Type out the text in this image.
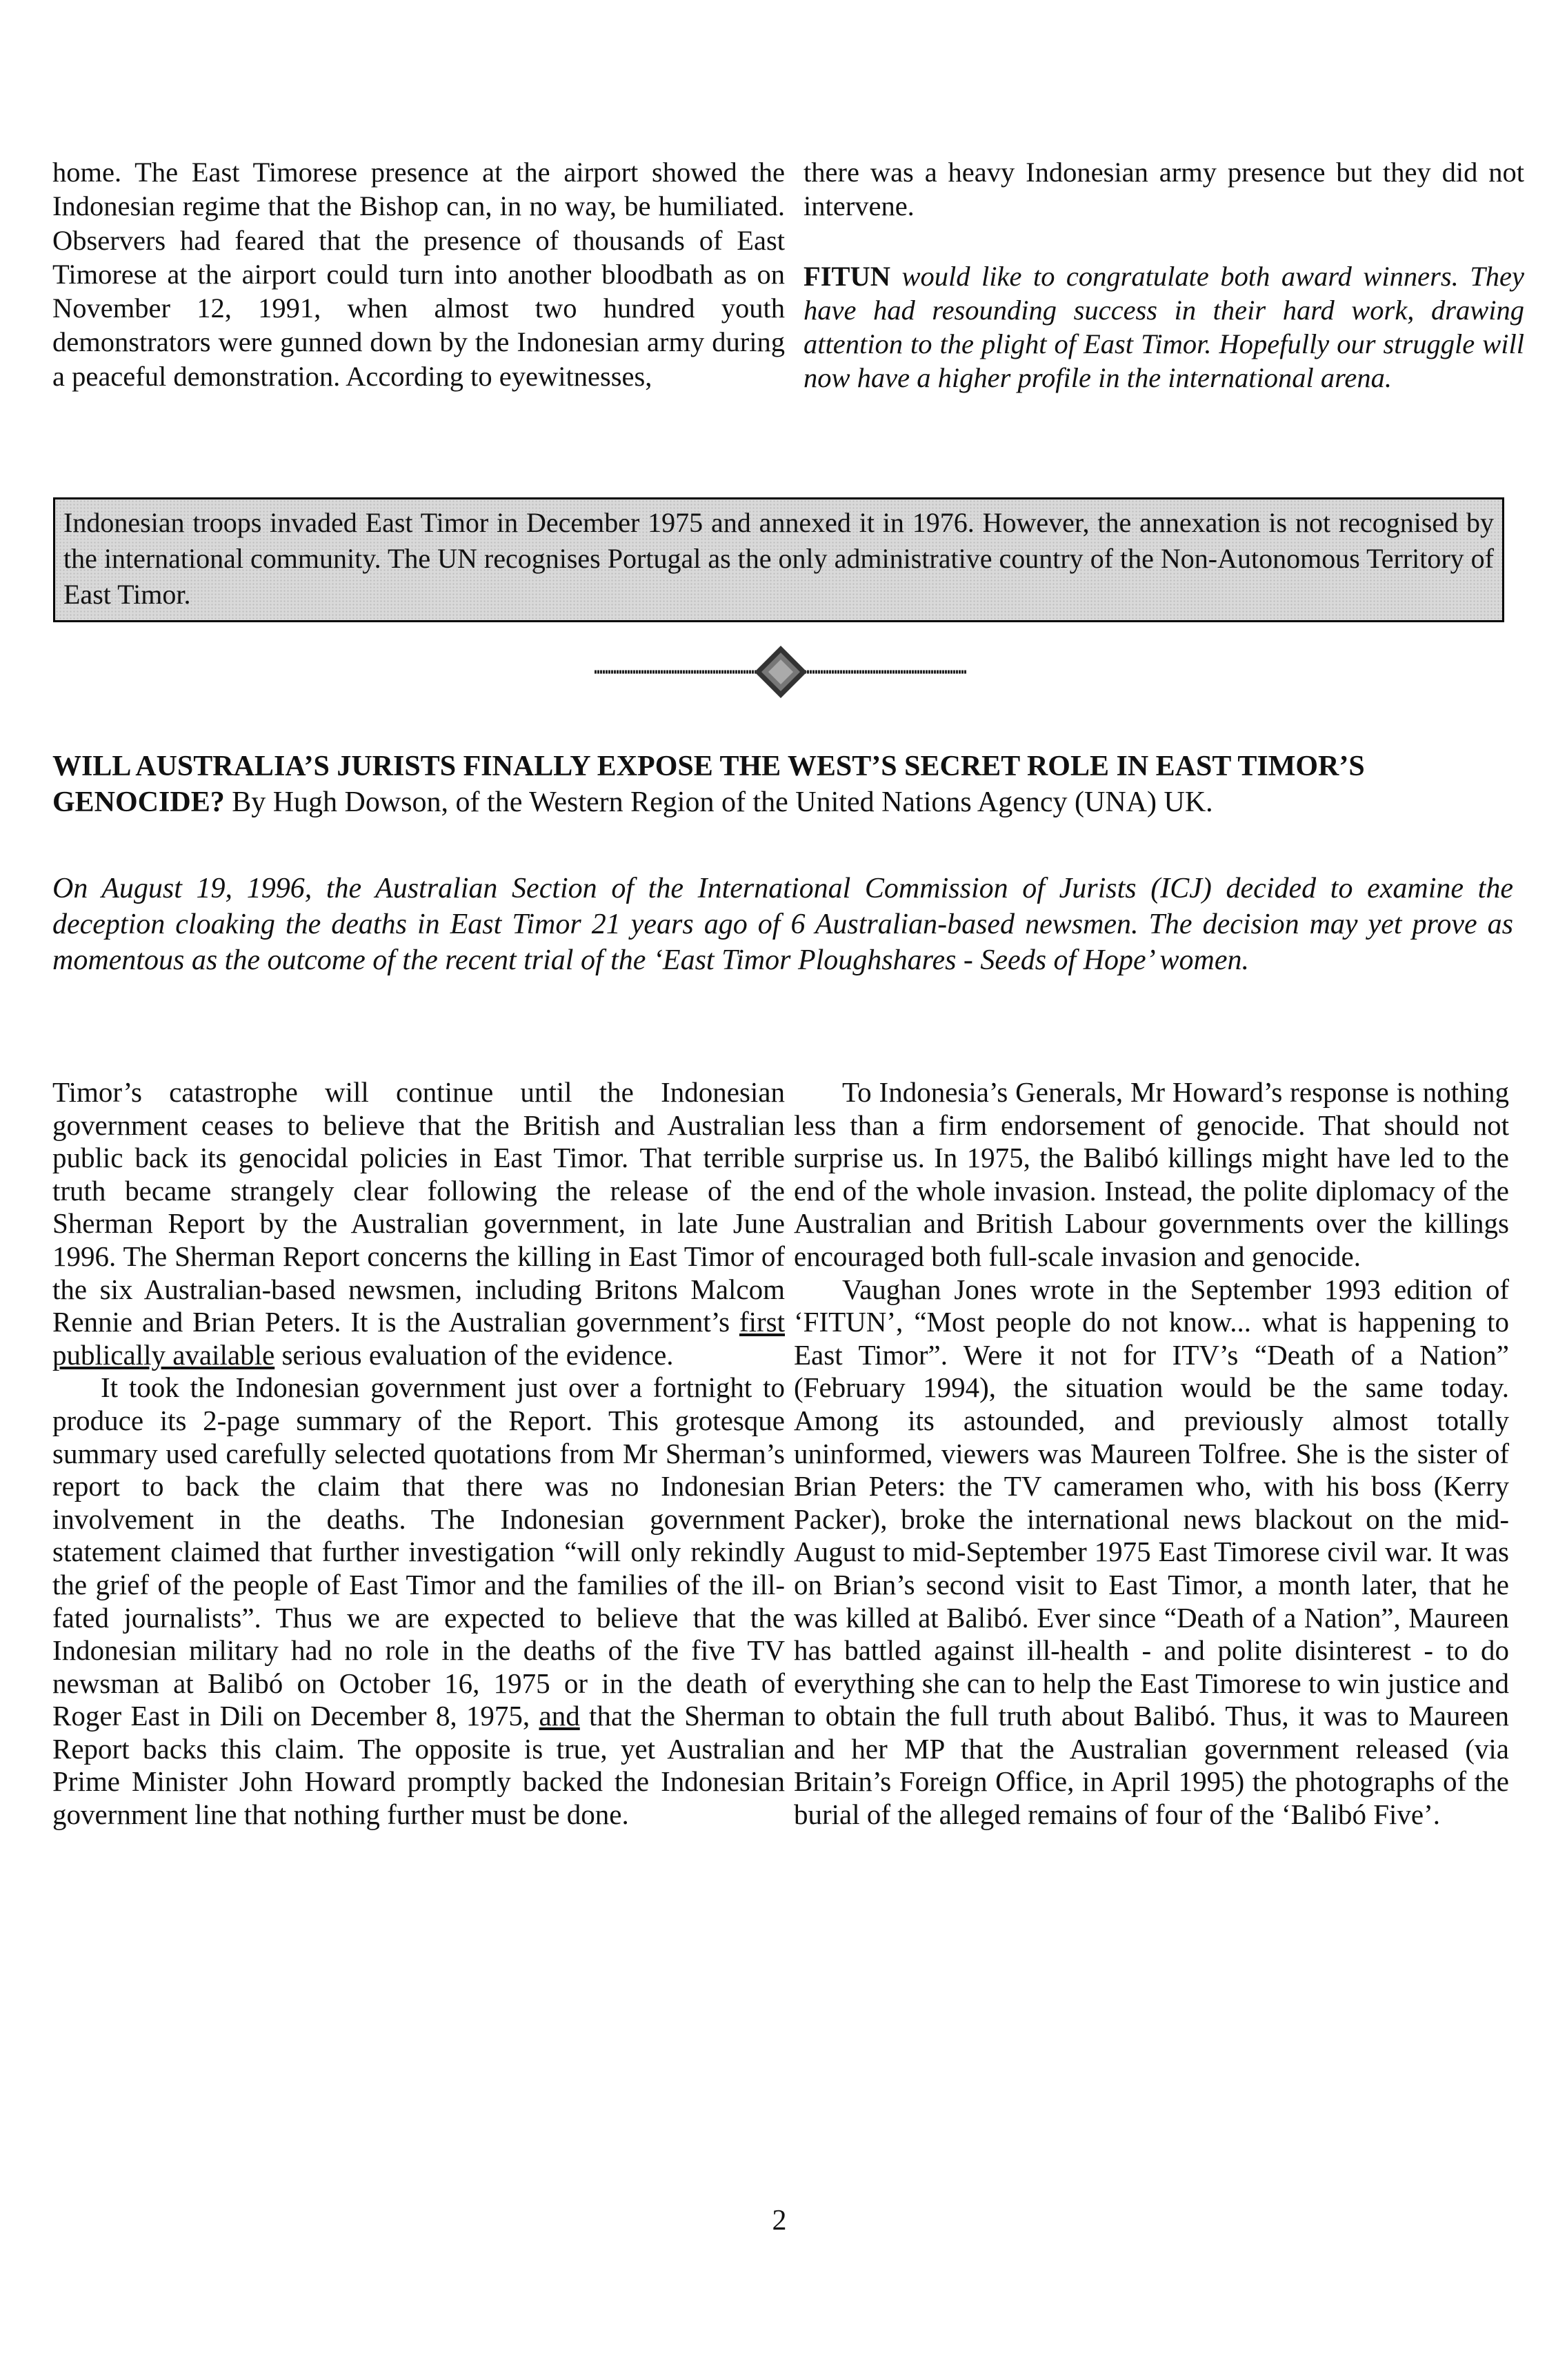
home. The East Timorese presence at the airport showed the Indonesian regime that the Bishop can, in no way, be humiliated. Observers had feared that the presence of thousands of East Timorese at the airport could turn into another bloodbath as on November 12, 1991, when almost two hundred youth demonstrators were gunned down by the Indonesian army during a peaceful demonstration. According to eyewitnesses,

there was a heavy Indonesian army presence but they did not intervene.

FITUN would like to congratulate both award winners. They have had resounding success in their hard work, drawing attention to the plight of East Timor. Hopefully our struggle will now have a higher profile in the international arena.

Indonesian troops invaded East Timor in December 1975 and annexed it in 1976. However, the annexation is not recognised by the international community. The UN recognises Portugal as the only administrative country of the Non-Autonomous Territory of East Timor.

WILL AUSTRALIA’S JURISTS FINALLY EXPOSE THE WEST’S SECRET ROLE IN EAST TIMOR’S GENOCIDE? By Hugh Dowson, of the Western Region of the United Nations Agency (UNA) UK.

On August 19, 1996, the Australian Section of the International Commission of Jurists (ICJ) decided to examine the deception cloaking the deaths in East Timor 21 years ago of 6 Australian-based newsmen. The decision may yet prove as momentous as the outcome of the recent trial of the ‘East Timor Ploughshares - Seeds of Hope’ women.

Timor’s catastrophe will continue until the Indonesian government ceases to believe that the British and Australian public back its genocidal policies in East Timor. That terrible truth became strangely clear following the release of the Sherman Report by the Australian government, in late June 1996. The Sherman Report concerns the killing in East Timor of the six Australian-based newsmen, including Britons Malcom Rennie and Brian Peters. It is the Australian government’s first publically available serious evaluation of the evidence.

It took the Indonesian government just over a fortnight to produce its 2-page summary of the Report. This grotesque summary used carefully selected quotations from Mr Sherman’s report to back the claim that there was no Indonesian involvement in the deaths. The Indonesian government statement claimed that further investigation “will only rekindly the grief of the people of East Timor and the families of the ill-fated journalists”. Thus we are expected to believe that the Indonesian military had no role in the deaths of the five TV newsman at Balibó on October 16, 1975 or in the death of Roger East in Dili on December 8, 1975, and that the Sherman Report backs this claim. The opposite is true, yet Australian Prime Minister John Howard promptly backed the Indonesian government line that nothing further must be done.

To Indonesia’s Generals, Mr Howard’s response is nothing less than a firm endorsement of genocide. That should not surprise us. In 1975, the Balibó killings might have led to the end of the whole invasion. Instead, the polite diplomacy of the Australian and British Labour governments over the killings encouraged both full-scale invasion and genocide.

Vaughan Jones wrote in the September 1993 edition of ‘FITUN’, “Most people do not know... what is happening to East Timor”. Were it not for ITV’s “Death of a Nation” (February 1994), the situation would be the same today. Among its astounded, and previously almost totally uninformed, viewers was Maureen Tolfree. She is the sister of Brian Peters: the TV cameramen who, with his boss (Kerry Packer), broke the international news blackout on the mid-August to mid-September 1975 East Timorese civil war. It was on Brian’s second visit to East Timor, a month later, that he was killed at Balibó. Ever since “Death of a Nation”, Maureen has battled against ill-health - and polite disinterest - to do everything she can to help the East Timorese to win justice and to obtain the full truth about Balibó. Thus, it was to Maureen and her MP that the Australian government released (via Britain’s Foreign Office, in April 1995) the photographs of the burial of the alleged remains of four of the ‘Balibó Five’.

2
